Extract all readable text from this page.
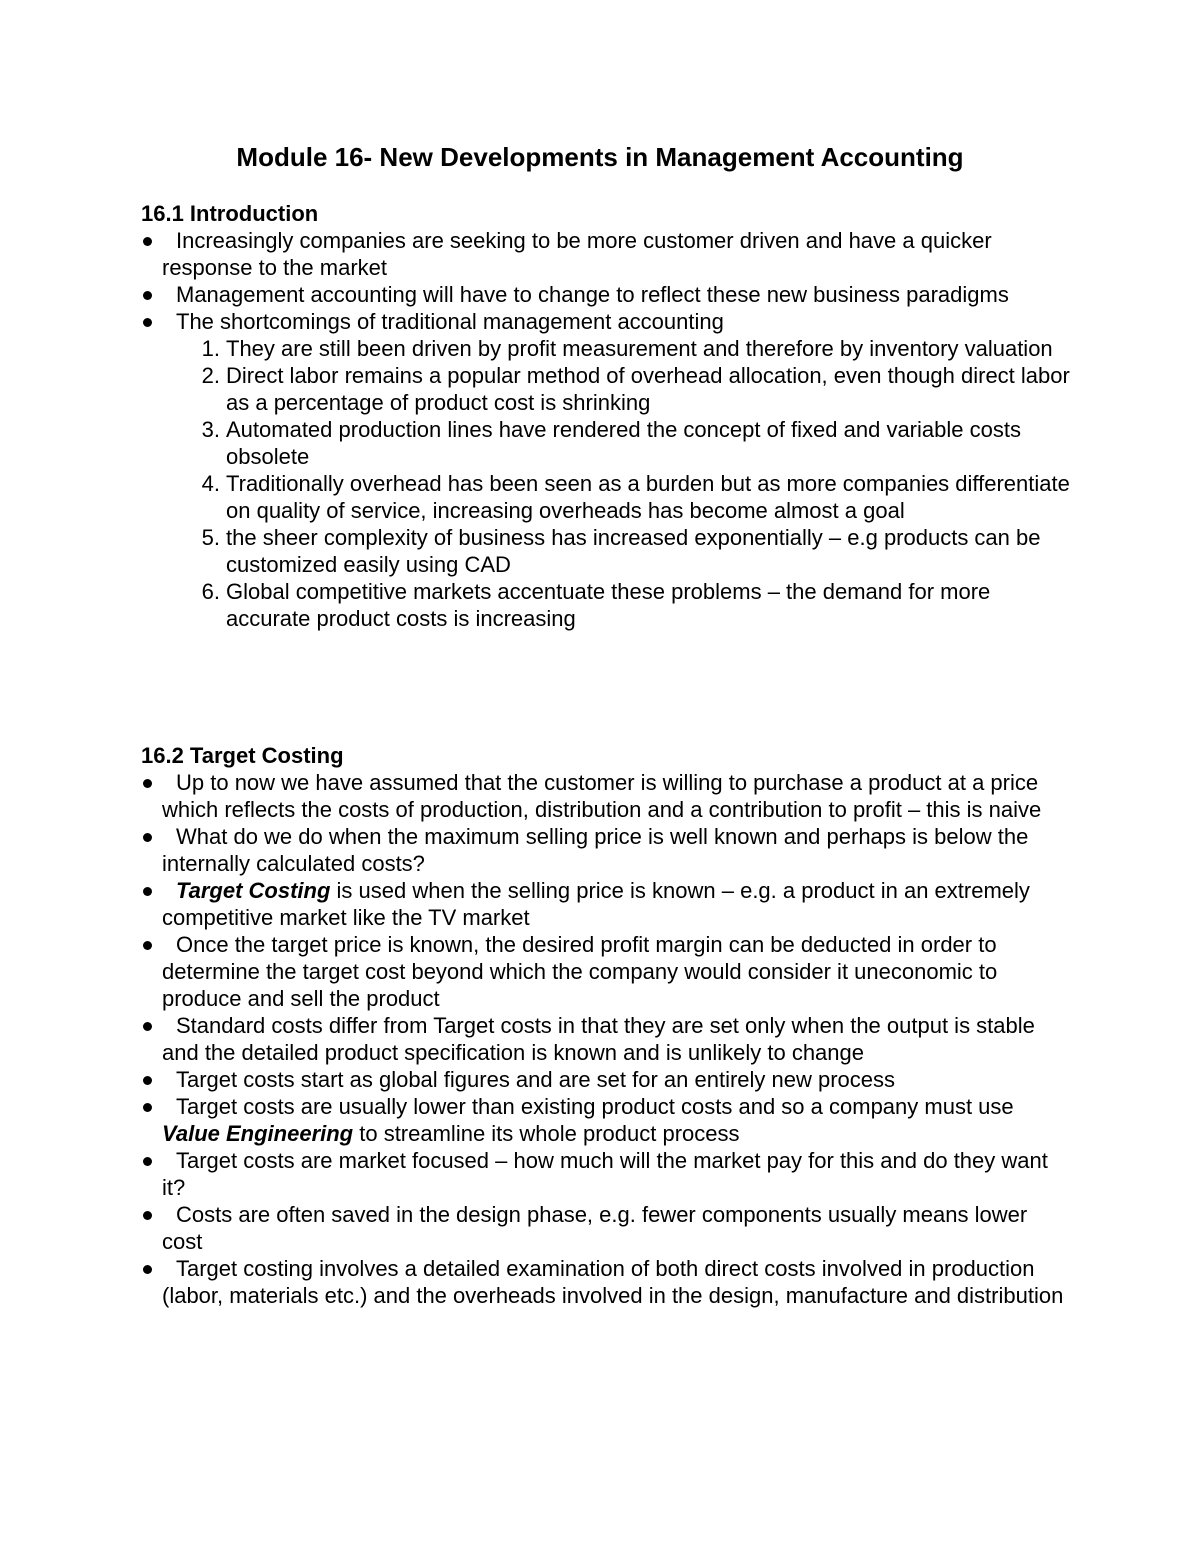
Module 16- New Developments in Management Accounting
16.1 Introduction
Increasingly companies are seeking to be more customer driven and have a quicker response to the market
Management accounting will have to change to reflect these new business paradigms
The shortcomings of traditional management accounting
1. They are still been driven by profit measurement and therefore by inventory valuation
2. Direct labor remains a popular method of overhead allocation, even though direct labor as a percentage of product cost is shrinking
3. Automated production lines have rendered the concept of fixed and variable costs obsolete
4. Traditionally overhead has been seen as a burden but as more companies differentiate on quality of service, increasing overheads has become almost a goal
5. the sheer complexity of business has increased exponentially – e.g products can be customized easily using CAD
6. Global competitive markets accentuate these problems – the demand for more accurate product costs is increasing
16.2 Target Costing
Up to now we have assumed that the customer is willing to purchase a product at a price which reflects the costs of production, distribution and a contribution to profit – this is naive
What do we do when the maximum selling price is well known and perhaps is below the internally calculated costs?
Target Costing is used when the selling price is known – e.g. a product in an extremely competitive market like the TV market
Once the target price is known, the desired profit margin can be deducted in order to determine the target cost beyond which the company would consider it uneconomic to produce and sell the product
Standard costs differ from Target costs in that they are set only when the output is stable and the detailed product specification is known and is unlikely to change
Target costs start as global figures and are set for an entirely new process
Target costs are usually lower than existing product costs and so a company must use Value Engineering to streamline its whole product process
Target costs are market focused – how much will the market pay for this and do they want it?
Costs are often saved in the design phase, e.g. fewer components usually means lower cost
Target costing involves a detailed examination of both direct costs involved in production (labor, materials etc.) and the overheads involved in the design, manufacture and distribution
